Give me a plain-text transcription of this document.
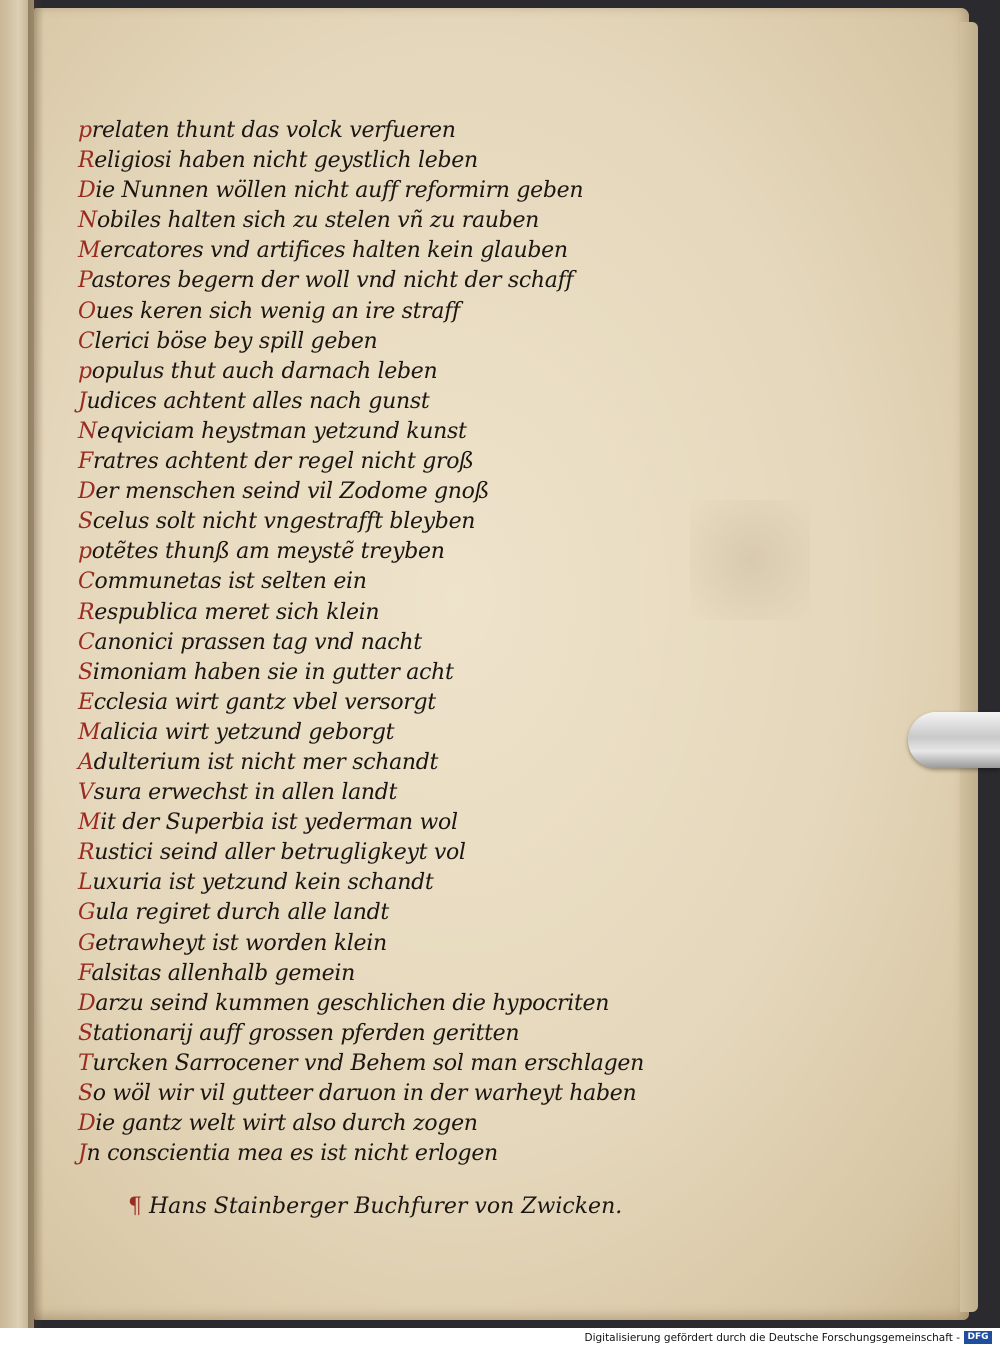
prelaten thunt das volck verfueren

Religiosi haben nicht geystlich leben

Die Nunnen wöllen nicht auff reformirn geben

Nobiles halten sich zu stelen vñ zu rauben

Mercatores vnd artifices halten kein glauben

Pastores begern der woll vnd nicht der schaff

Oues keren sich wenig an ire straff

Clerici böse bey spill geben

populus thut auch darnach leben

Judices achtent alles nach gunst

Neqviciam heystman yetzund kunst

Fratres achtent der regel nicht groß

Der menschen seind vil Zodome gnoß

Scelus solt nicht vngestrafft bleyben

potẽtes thunß am meystẽ treyben

Communetas ist selten ein

Respublica meret sich klein

Canonici prassen tag vnd nacht

Simoniam haben sie in gutter acht

Ecclesia wirt gantz vbel versorgt

Malicia wirt yetzund geborgt

Adulterium ist nicht mer schandt

Vsura erwechst in allen landt

Mit der Superbia ist yederman wol

Rustici seind aller betrugligkeyt vol

Luxuria ist yetzund kein schandt

Gula regiret durch alle landt

Getrawheyt ist worden klein

Falsitas allenhalb gemein

Darzu seind kummen geschlichen die hypocriten

Stationarij auff grossen pferden geritten

Turcken Sarrocener vnd Behem sol man erschlagen

So wöl wir vil gutteer daruon in der warheyt haben

Die gantz welt wirt also durch zogen

Jn conscientia mea es ist nicht erlogen

¶ Hans Stainberger Buchfurer von Zwicken.
Digitalisierung gefördert durch die Deutsche Forschungsgemeinschaft - DFG
